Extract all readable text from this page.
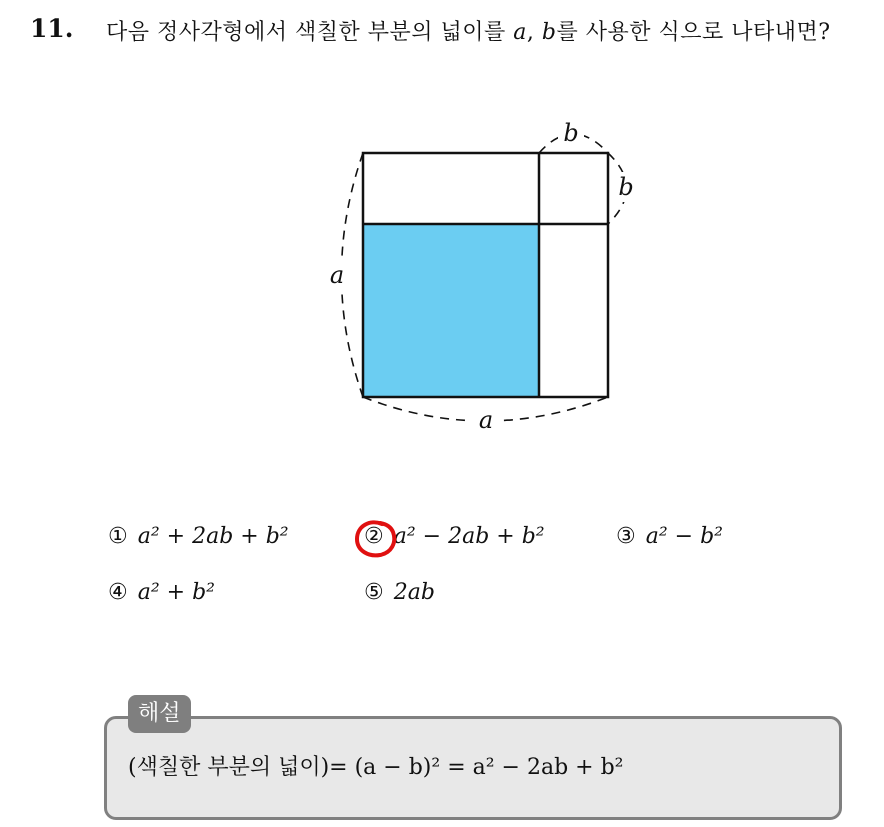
11. 다음 정사각형에서 색칠한 부분의 넓이를 a, b를 사용한 식으로 나타내면?
a
a
b
b
① a² + 2ab + b²	② a² − 2ab + b²	③ a² − b²
④ a² + b²	⑤ 2ab
해설
(색칠한 부분의 넓이)= (a − b)² = a² − 2ab + b²
